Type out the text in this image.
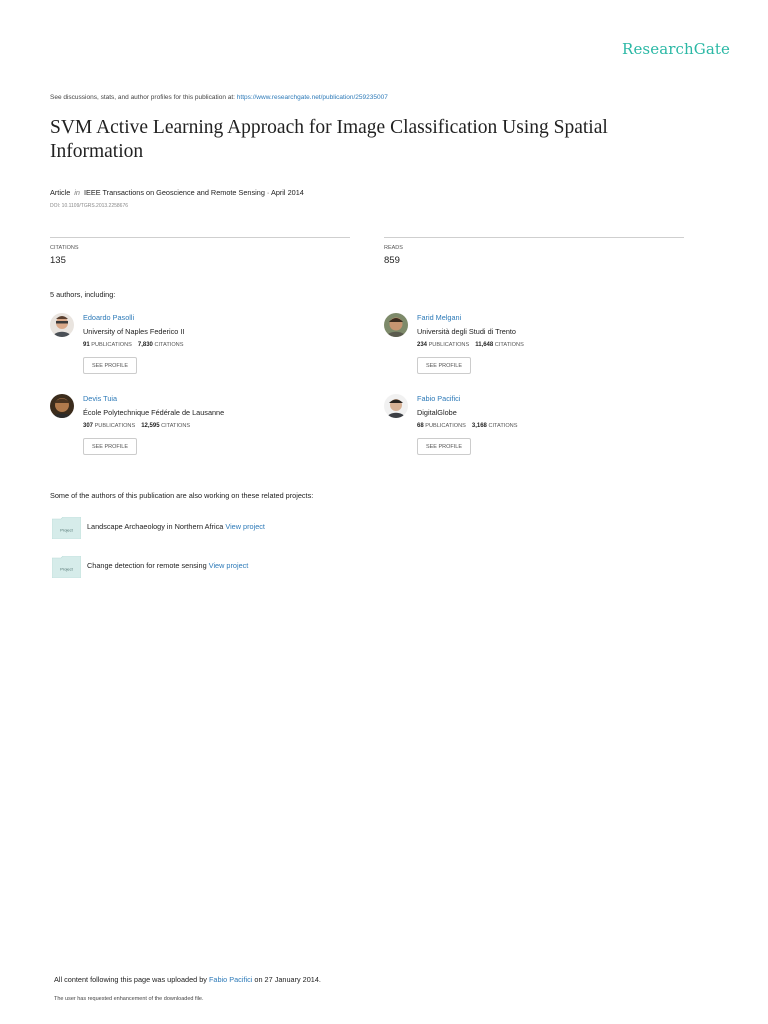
ResearchGate
See discussions, stats, and author profiles for this publication at: https://www.researchgate.net/publication/259235007
SVM Active Learning Approach for Image Classification Using Spatial Information
Article in IEEE Transactions on Geoscience and Remote Sensing · April 2014
DOI: 10.1109/TGRS.2013.2258676
CITATIONS
135
READS
859
5 authors, including:
Edoardo Pasolli
University of Naples Federico II
91 PUBLICATIONS 7,830 CITATIONS
SEE PROFILE
Farid Melgani
Università degli Studi di Trento
234 PUBLICATIONS 11,648 CITATIONS
SEE PROFILE
Devis Tuia
École Polytechnique Fédérale de Lausanne
307 PUBLICATIONS 12,595 CITATIONS
SEE PROFILE
Fabio Pacifici
DigitalGlobe
68 PUBLICATIONS 3,168 CITATIONS
SEE PROFILE
Some of the authors of this publication are also working on these related projects:
Project Landscape Archaeology in Northern Africa View project
Project Change detection for remote sensing View project
All content following this page was uploaded by Fabio Pacifici on 27 January 2014.
The user has requested enhancement of the downloaded file.
